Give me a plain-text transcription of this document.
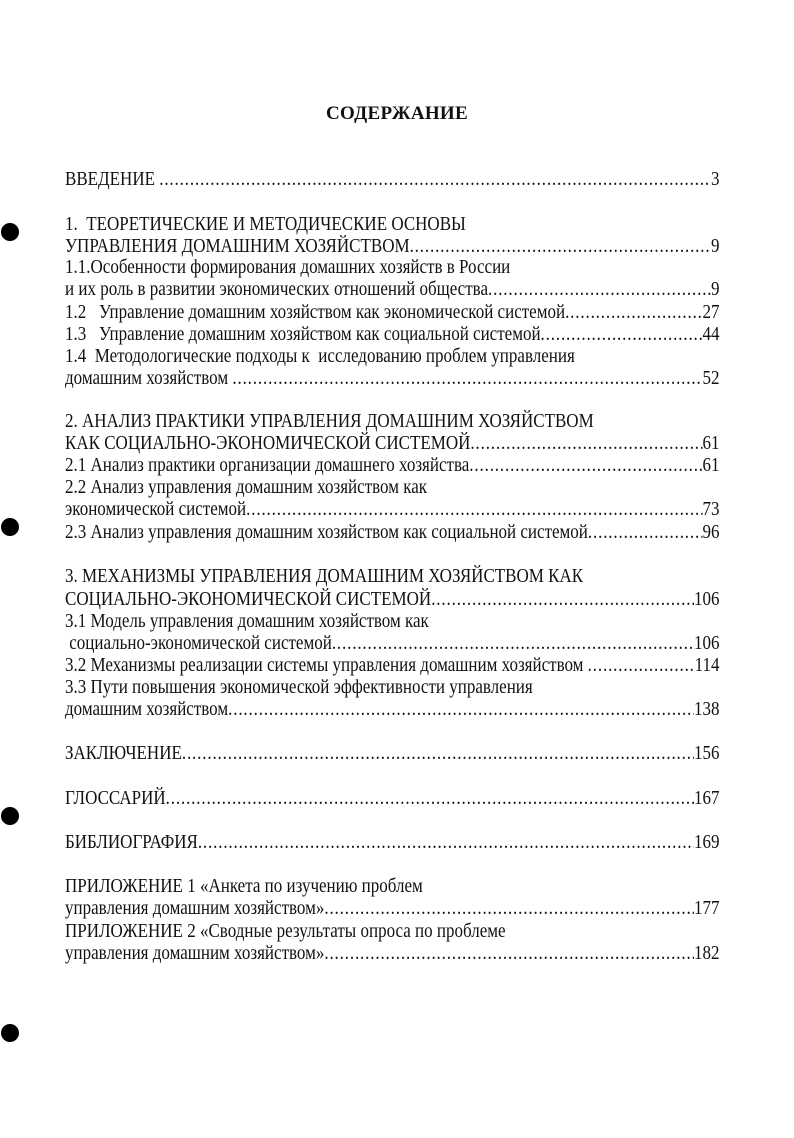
СОДЕРЖАНИЕ
ВВЕДЕНИЕ .....	3
1.  ТЕОРЕТИЧЕСКИЕ И МЕТОДИЧЕСКИЕ ОСНОВЫ
УПРАВЛЕНИЯ ДОМАШНИМ ХОЗЯЙСТВОМ .....	9
1.1.Особенности формирования домашних хозяйств в России
и их роль в развитии экономических отношений общества .....	9
1.2   Управление домашним хозяйством как экономической системой .....	27
1.3   Управление домашним хозяйством как социальной системой .....	44
1.4  Методологические подходы к  исследованию проблем управления
домашним хозяйством .....	52
2. АНАЛИЗ ПРАКТИКИ УПРАВЛЕНИЯ ДОМАШНИМ ХОЗЯЙСТВОМ
КАК СОЦИАЛЬНО-ЭКОНОМИЧЕСКОЙ СИСТЕМОЙ .....	61
2.1 Анализ практики организации домашнего хозяйства .....	61
2.2 Анализ управления домашним хозяйством как
экономической системой .....	73
2.3 Анализ управления домашним хозяйством как социальной системой .....	96
3. МЕХАНИЗМЫ УПРАВЛЕНИЯ ДОМАШНИМ ХОЗЯЙСТВОМ КАК
СОЦИАЛЬНО-ЭКОНОМИЧЕСКОЙ СИСТЕМОЙ .....	106
3.1 Модель управления домашним хозяйством как
социально-экономической системой .....	106
3.2 Механизмы реализации системы управления домашним хозяйством .....	114
3.3 Пути повышения экономической эффективности управления
домашним хозяйством .....	138
ЗАКЛЮЧЕНИЕ .....	156
ГЛОССАРИЙ .....	167
БИБЛИОГРАФИЯ .....	169
ПРИЛОЖЕНИЕ 1 «Анкета по изучению проблем
управления домашним хозяйством» .....	177
ПРИЛОЖЕНИЕ 2 «Сводные результаты опроса по проблеме
управления домашним хозяйством» .....	182
